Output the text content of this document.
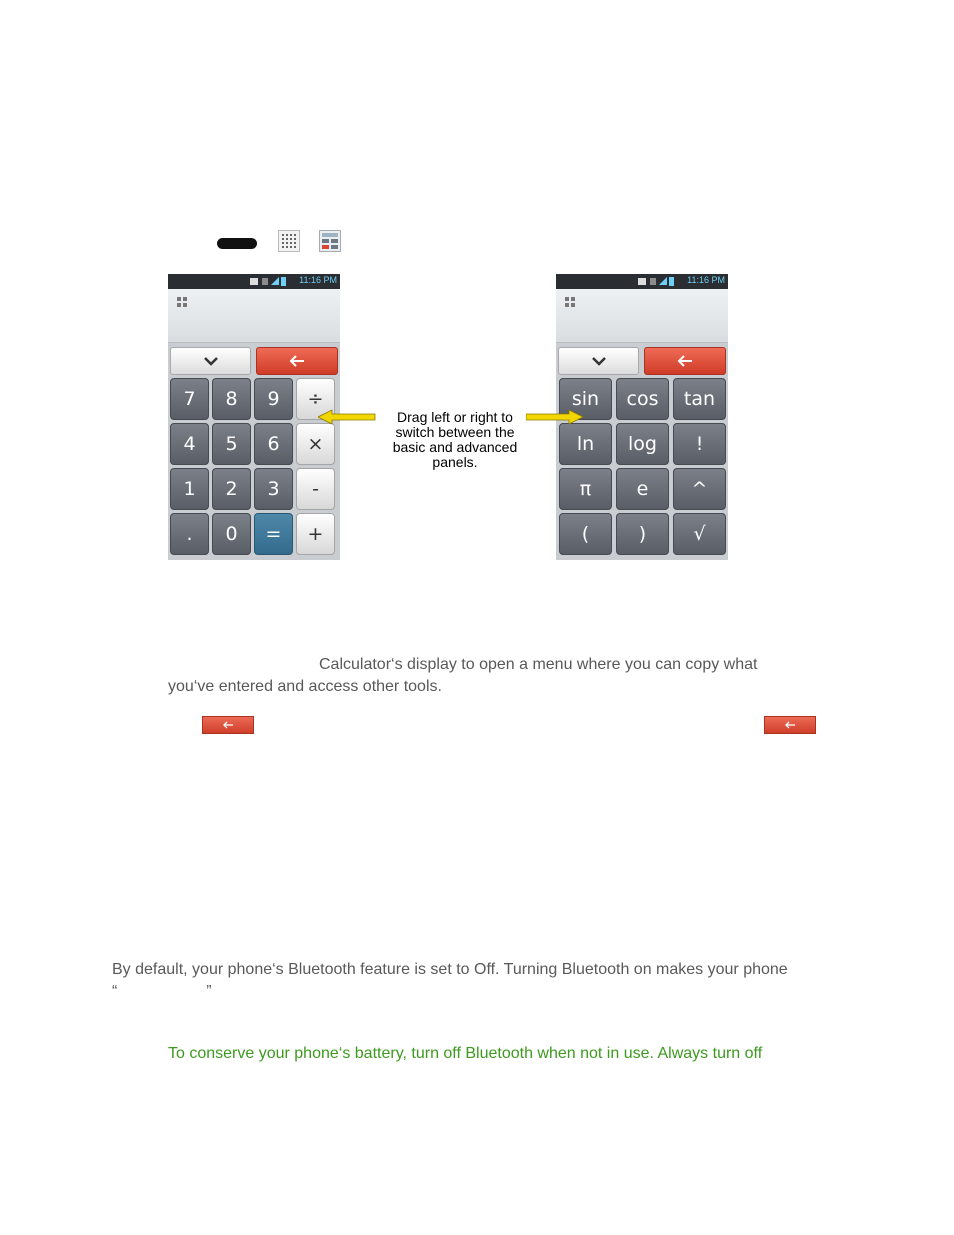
11:16 PM
7	8	9	÷
4	5	6	×
1	2	3	-
.	0	=	+
11:16 PM
sin	cos	tan
ln	log	!
π	e	^
(	)	√
Drag left or right to switch between the basic and advanced panels.
Calculator‘s display to open a menu where you can copy what
you‘ve entered and access other tools.
By default, your phone‘s Bluetooth feature is set to Off. Turning Bluetooth on makes your phone
“                    ”
To conserve your phone‘s battery, turn off Bluetooth when not in use. Always turn off
